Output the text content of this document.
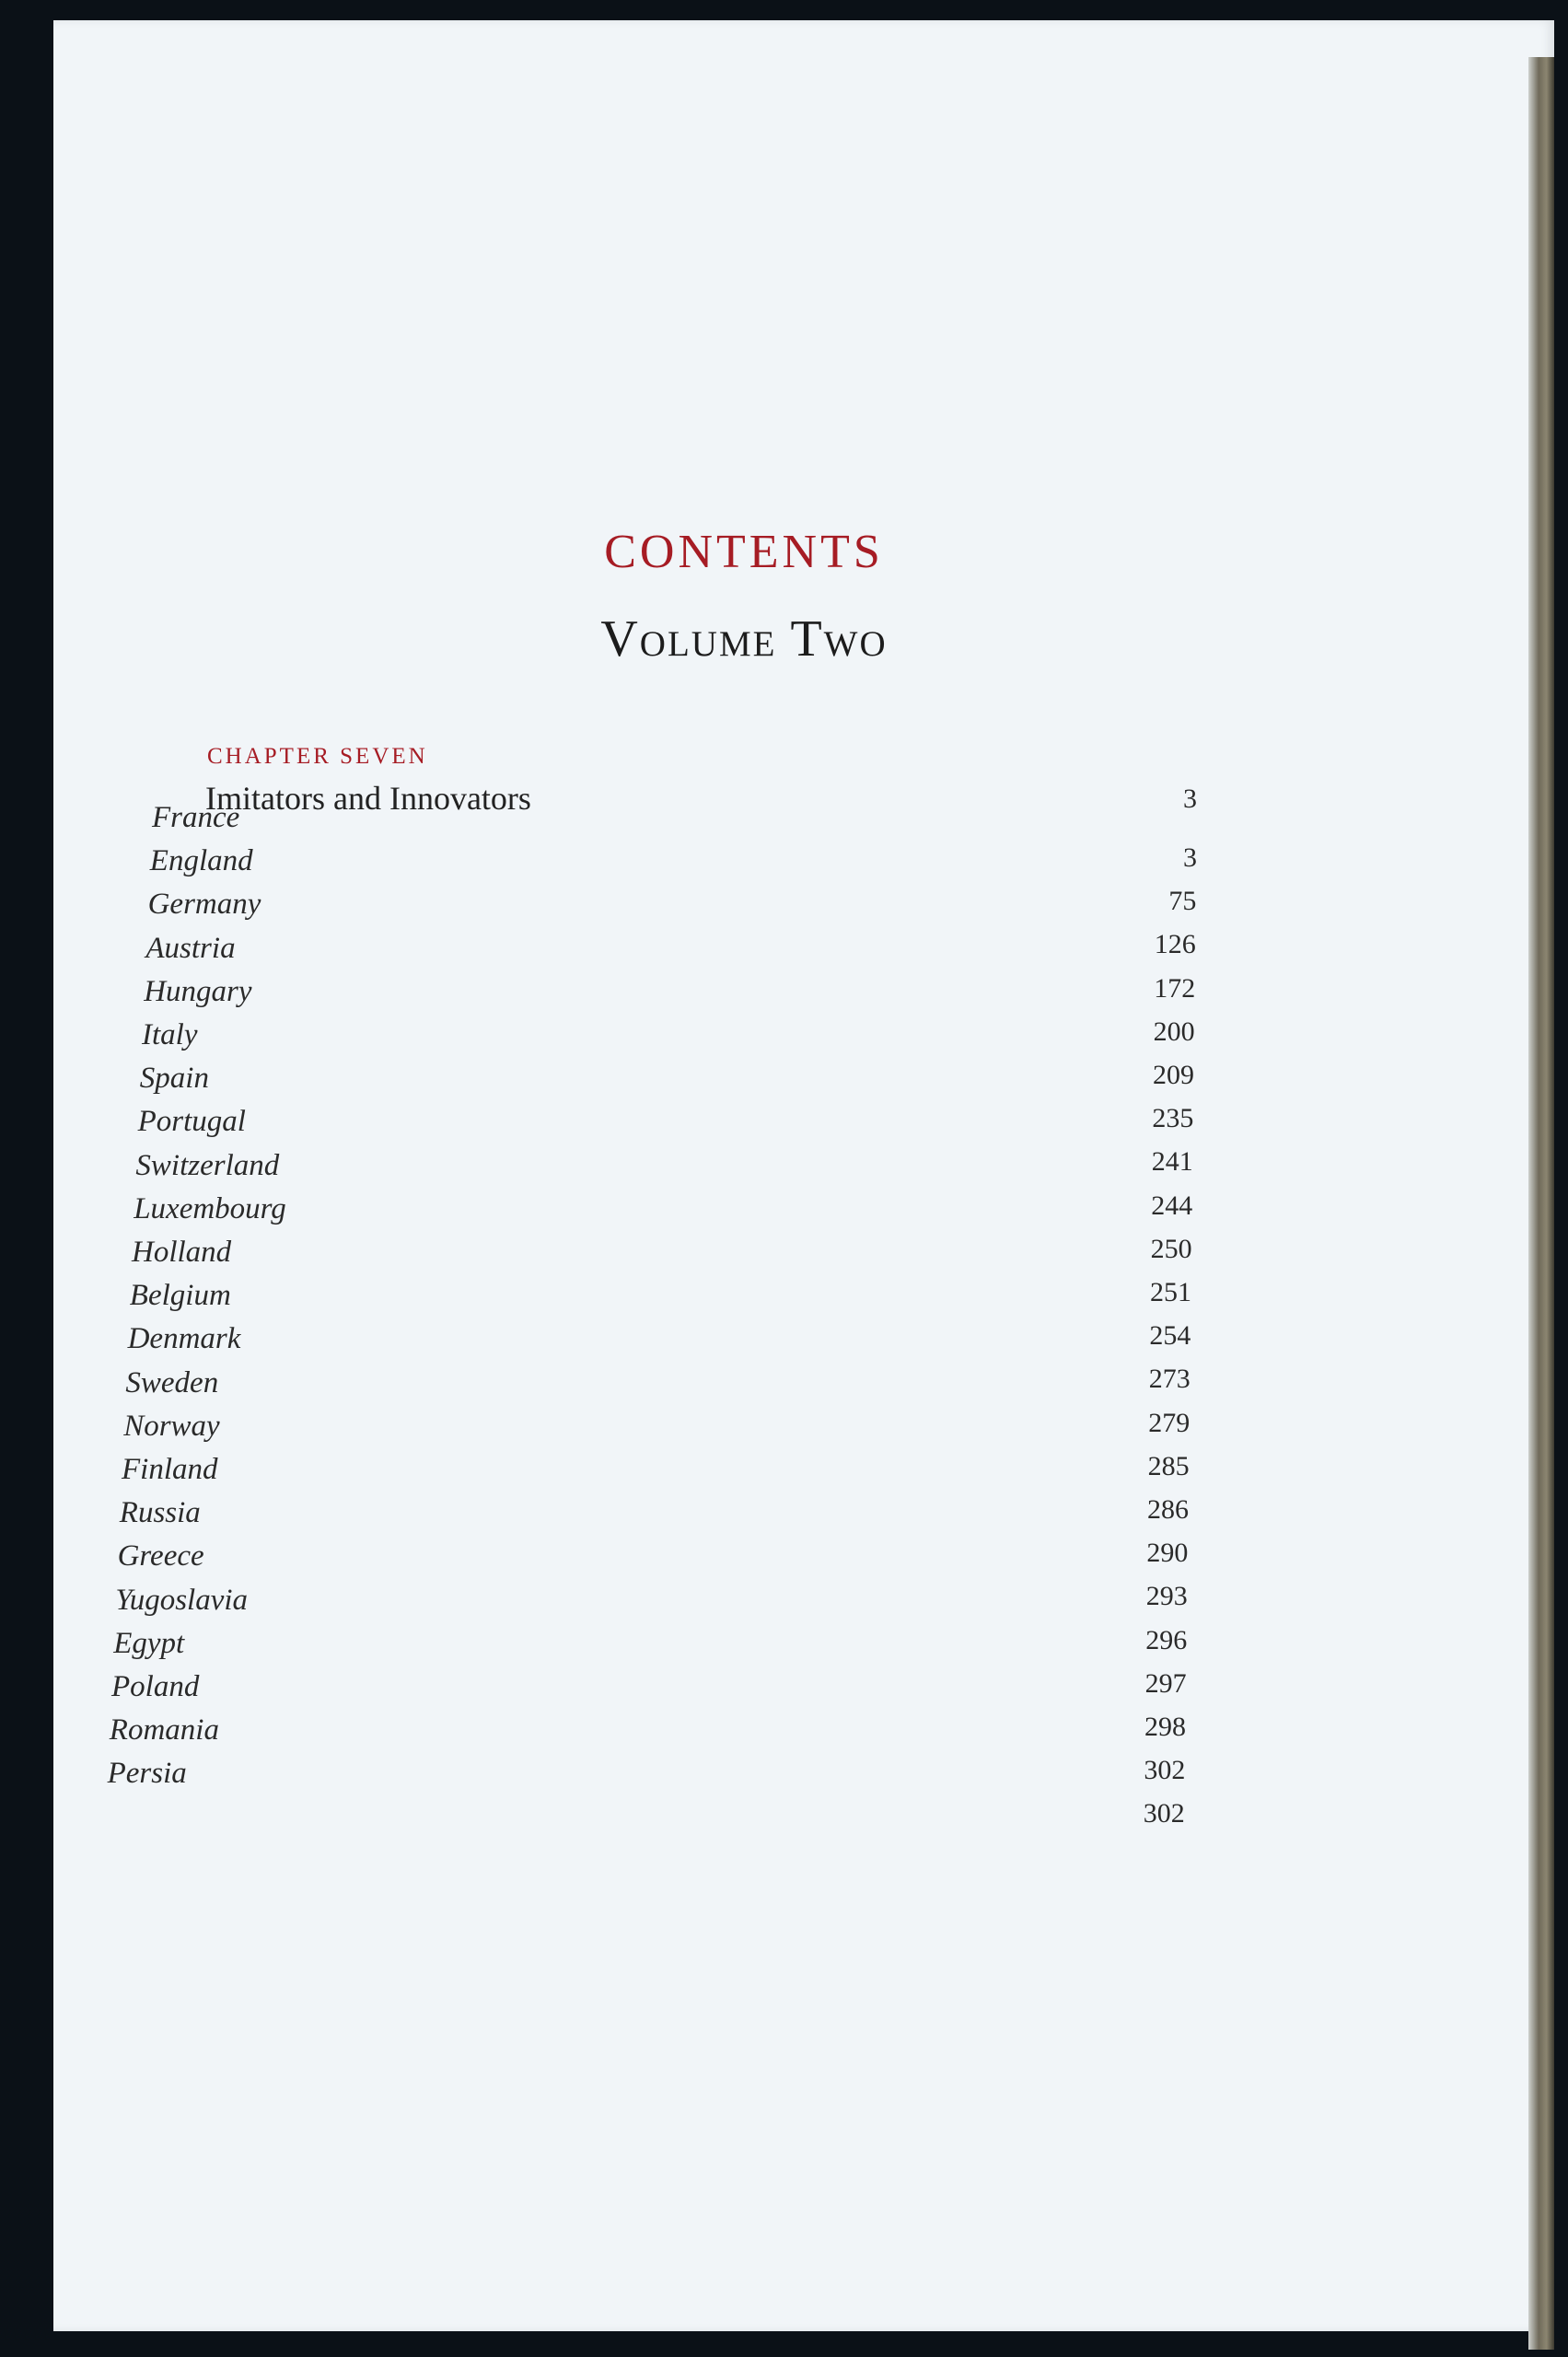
CONTENTS
Volume Two
CHAPTER SEVEN
Imitators and Innovators	3
France
3
England
75
Germany
126
Austria
172
Hungary
200
Italy
209
Spain
235
Portugal
241
Switzerland
244
Luxembourg
250
Holland
251
Belgium
254
Denmark
273
Sweden
279
Norway
285
Finland
286
Russia
290
Greece
293
Yugoslavia
296
Egypt
297
Poland
298
Romania
302
Persia
302
